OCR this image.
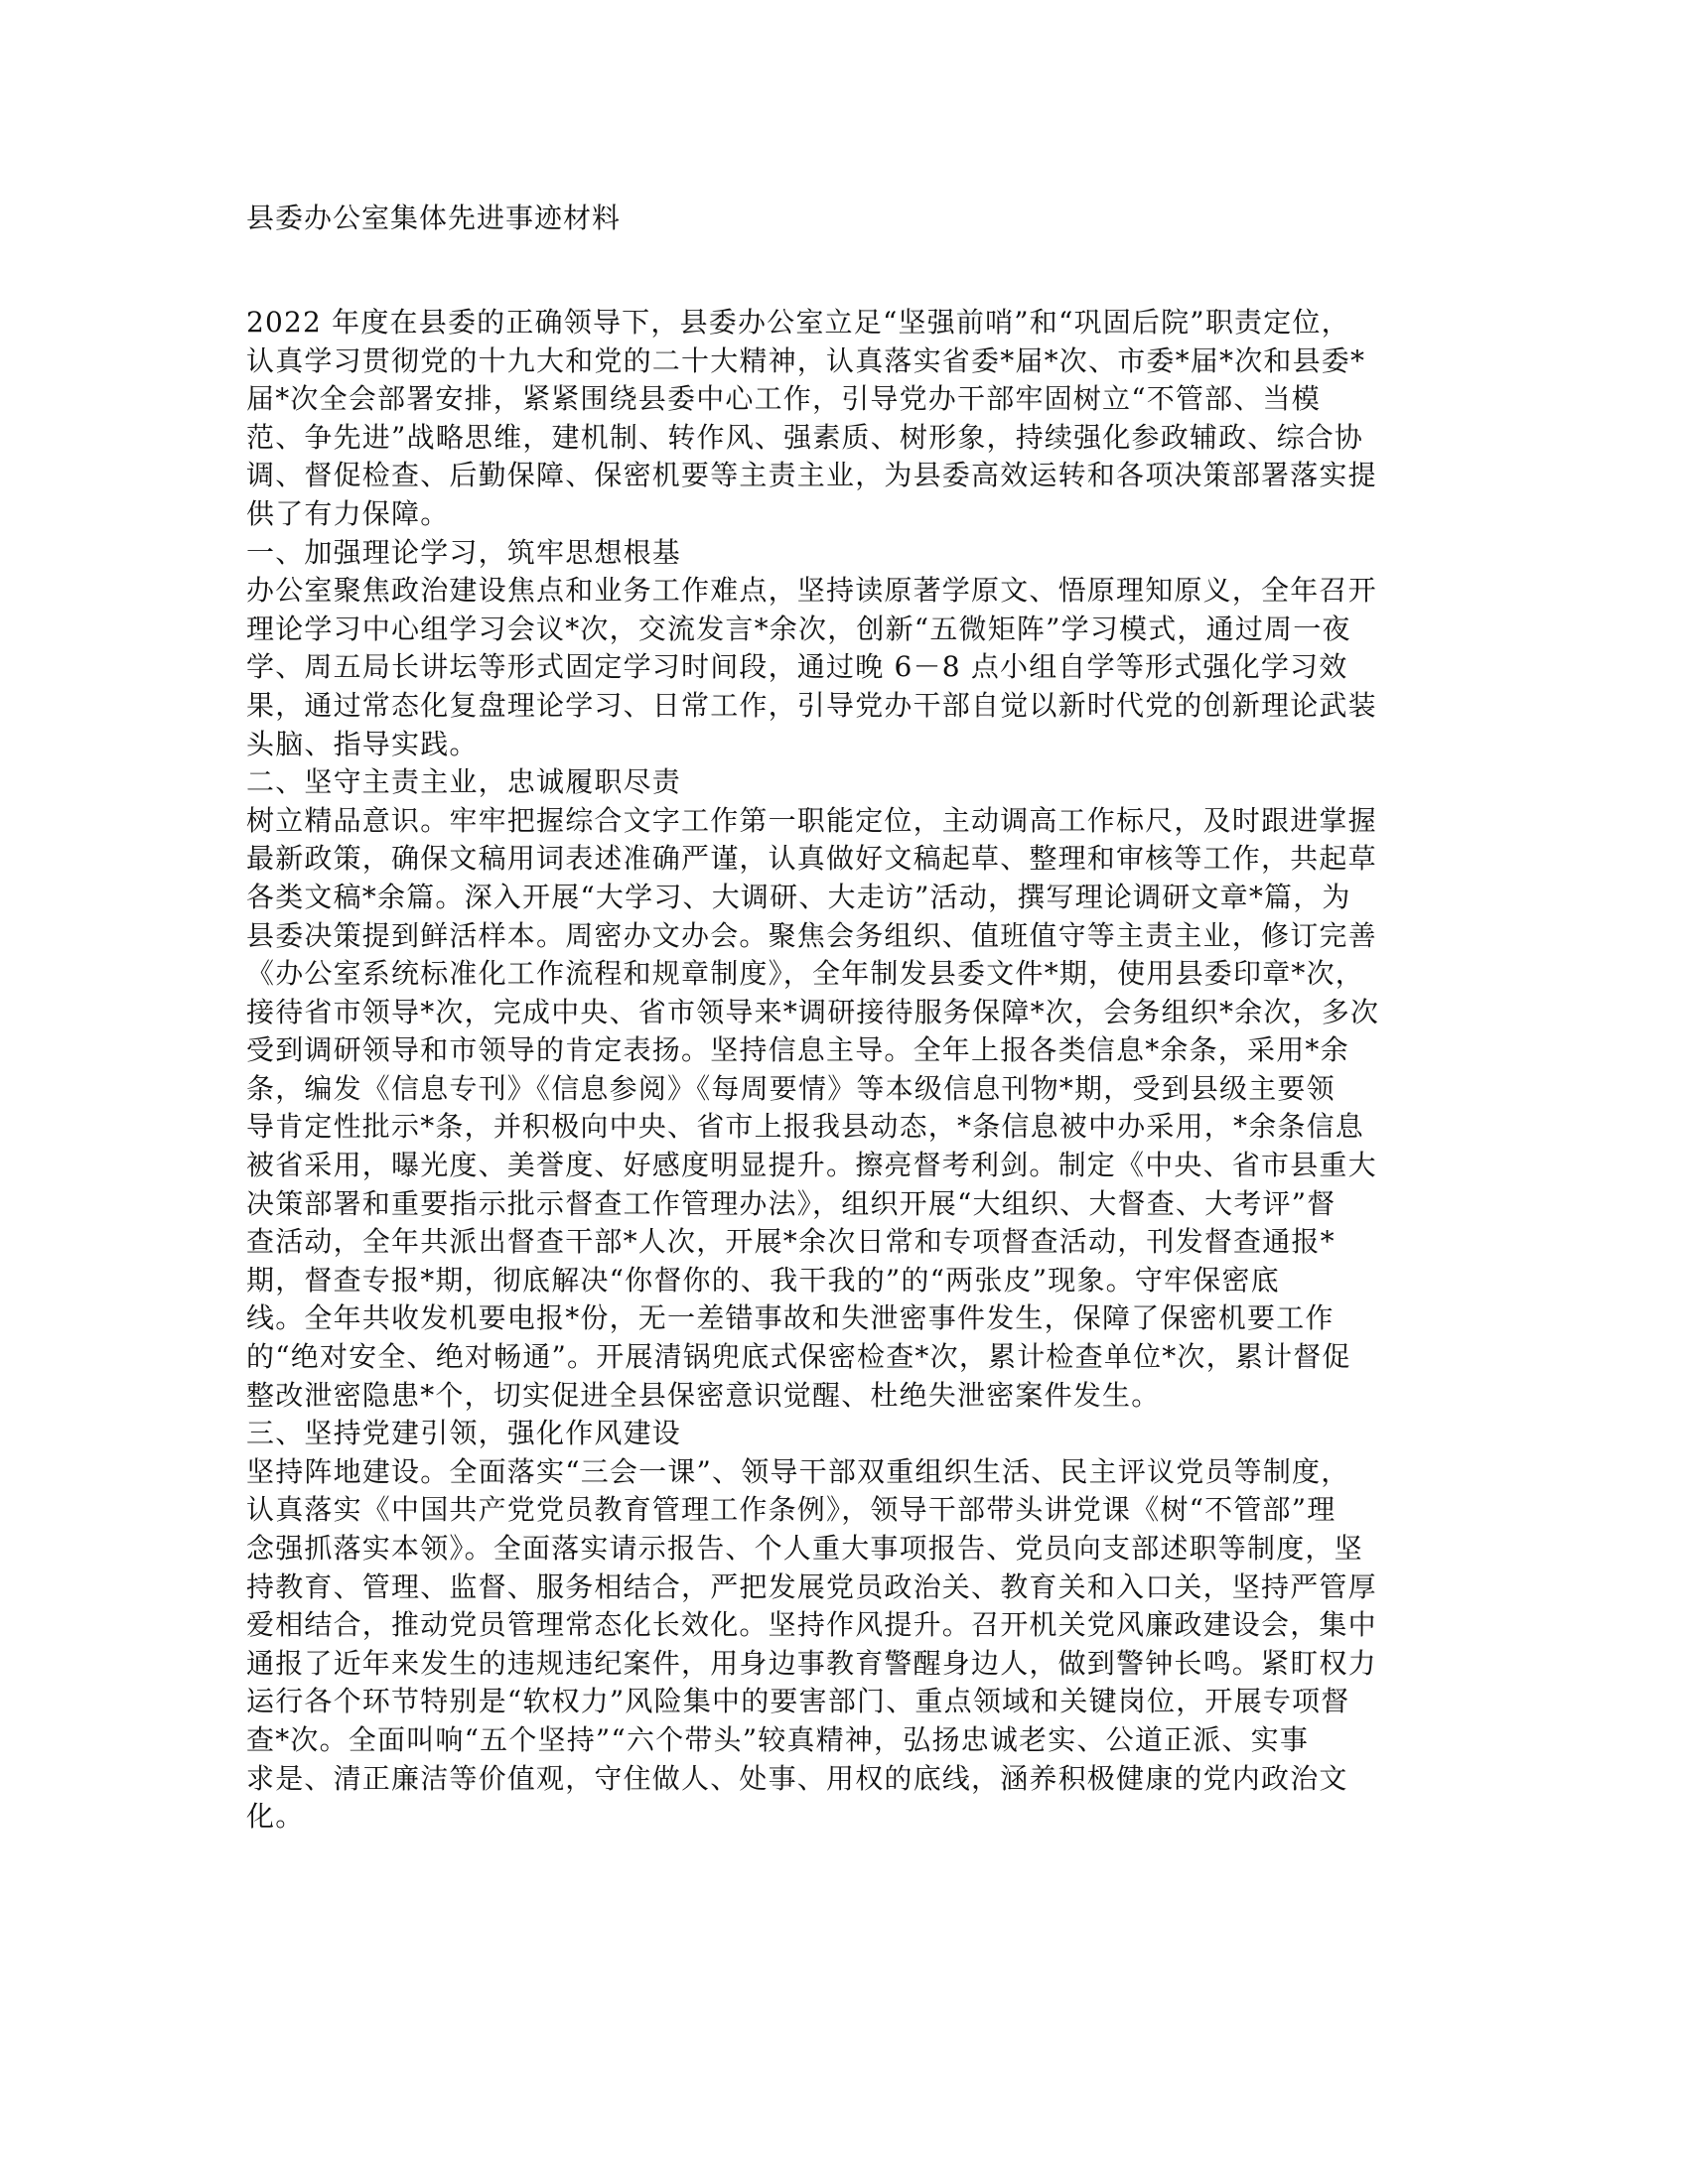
县委办公室集体先进事迹材料
2022 年度在县委的正确领导下，县委办公室立足“坚强前哨”和“巩固后院”职责定位，
认真学习贯彻党的十九大和党的二十大精神，认真落实省委*届*次、市委*届*次和县委*
届*次全会部署安排，紧紧围绕县委中心工作，引导党办干部牢固树立“不管部、当模
范、争先进”战略思维，建机制、转作风、强素质、树形象，持续强化参政辅政、综合协
调、督促检查、后勤保障、保密机要等主责主业，为县委高效运转和各项决策部署落实提
供了有力保障。
一、加强理论学习，筑牢思想根基
办公室聚焦政治建设焦点和业务工作难点，坚持读原著学原文、悟原理知原义，全年召开
理论学习中心组学习会议*次，交流发言*余次，创新“五微矩阵”学习模式，通过周一夜
学、周五局长讲坛等形式固定学习时间段，通过晚 6－8 点小组自学等形式强化学习效
果，通过常态化复盘理论学习、日常工作，引导党办干部自觉以新时代党的创新理论武装
头脑、指导实践。
二、坚守主责主业，忠诚履职尽责
树立精品意识。牢牢把握综合文字工作第一职能定位，主动调高工作标尺，及时跟进掌握
最新政策，确保文稿用词表述准确严谨，认真做好文稿起草、整理和审核等工作，共起草
各类文稿*余篇。深入开展“大学习、大调研、大走访”活动，撰写理论调研文章*篇，为
县委决策提到鲜活样本。周密办文办会。聚焦会务组织、值班值守等主责主业，修订完善
《办公室系统标准化工作流程和规章制度》，全年制发县委文件*期，使用县委印章*次，
接待省市领导*次，完成中央、省市领导来*调研接待服务保障*次，会务组织*余次，多次
受到调研领导和市领导的肯定表扬。坚持信息主导。全年上报各类信息*余条，采用*余
条，编发《信息专刊》《信息参阅》《每周要情》等本级信息刊物*期，受到县级主要领
导肯定性批示*条，并积极向中央、省市上报我县动态，*条信息被中办采用，*余条信息
被省采用，曝光度、美誉度、好感度明显提升。擦亮督考利剑。制定《中央、省市县重大
决策部署和重要指示批示督查工作管理办法》，组织开展“大组织、大督查、大考评”督
查活动，全年共派出督查干部*人次，开展*余次日常和专项督查活动，刊发督查通报*
期，督查专报*期，彻底解决“你督你的、我干我的”的“两张皮”现象。守牢保密底
线。全年共收发机要电报*份，无一差错事故和失泄密事件发生，保障了保密机要工作
的“绝对安全、绝对畅通”。开展清锅兜底式保密检查*次，累计检查单位*次，累计督促
整改泄密隐患*个，切实促进全县保密意识觉醒、杜绝失泄密案件发生。
三、坚持党建引领，强化作风建设
坚持阵地建设。全面落实“三会一课”、领导干部双重组织生活、民主评议党员等制度，
认真落实《中国共产党党员教育管理工作条例》，领导干部带头讲党课《树“不管部”理
念强抓落实本领》。全面落实请示报告、个人重大事项报告、党员向支部述职等制度，坚
持教育、管理、监督、服务相结合，严把发展党员政治关、教育关和入口关，坚持严管厚
爱相结合，推动党员管理常态化长效化。坚持作风提升。召开机关党风廉政建设会，集中
通报了近年来发生的违规违纪案件，用身边事教育警醒身边人，做到警钟长鸣。紧盯权力
运行各个环节特别是“软权力”风险集中的要害部门、重点领域和关键岗位，开展专项督
查*次。全面叫响“五个坚持”“六个带头”较真精神，弘扬忠诚老实、公道正派、实事
求是、清正廉洁等价值观，守住做人、处事、用权的底线，涵养积极健康的党内政治文
化。
